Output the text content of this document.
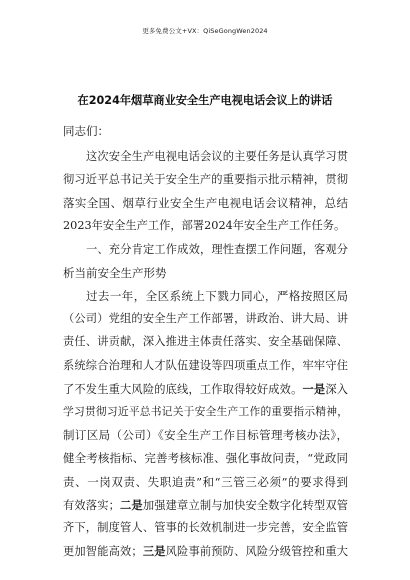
更多免费公文+VX：QiSeGongWen2024
在2024年烟草商业安全生产电视电话会议上的讲话
同志们：
这次安全生产电视电话会议的主要任务是认真学习贯
彻习近平总书记关于安全生产的重要指示批示精神，贯彻
落实全国、烟草行业安全生产电视电话会议精神，总结
2023年安全生产工作，部署2024年安全生产工作任务。
一、充分肯定工作成效，理性查摆工作问题，客观分
析当前安全生产形势
过去一年，全区系统上下戮力同心，严格按照区局
（公司）党组的安全生产工作部署，讲政治、讲大局、讲
责任、讲贡献，深入推进主体责任落实、安全基础保障、
系统综合治理和人才队伍建设等四项重点工作，牢牢守住
了不发生重大风险的底线，工作取得较好成效。一是深入
学习贯彻习近平总书记关于安全生产工作的重要指示精神，
制订区局（公司）《安全生产工作目标管理考核办法》，
健全考核指标、完善考核标准、强化事故问责，“党政同
责、一岗双责、失职追责”和“三管三必须”的要求得到
有效落实；二是加强建章立制与加快安全数字化转型双管
齐下，制度管人、管事的长效机制进一步完善，安全监管
更加智能高效；三是风险事前预防、风险分级管控和重大
